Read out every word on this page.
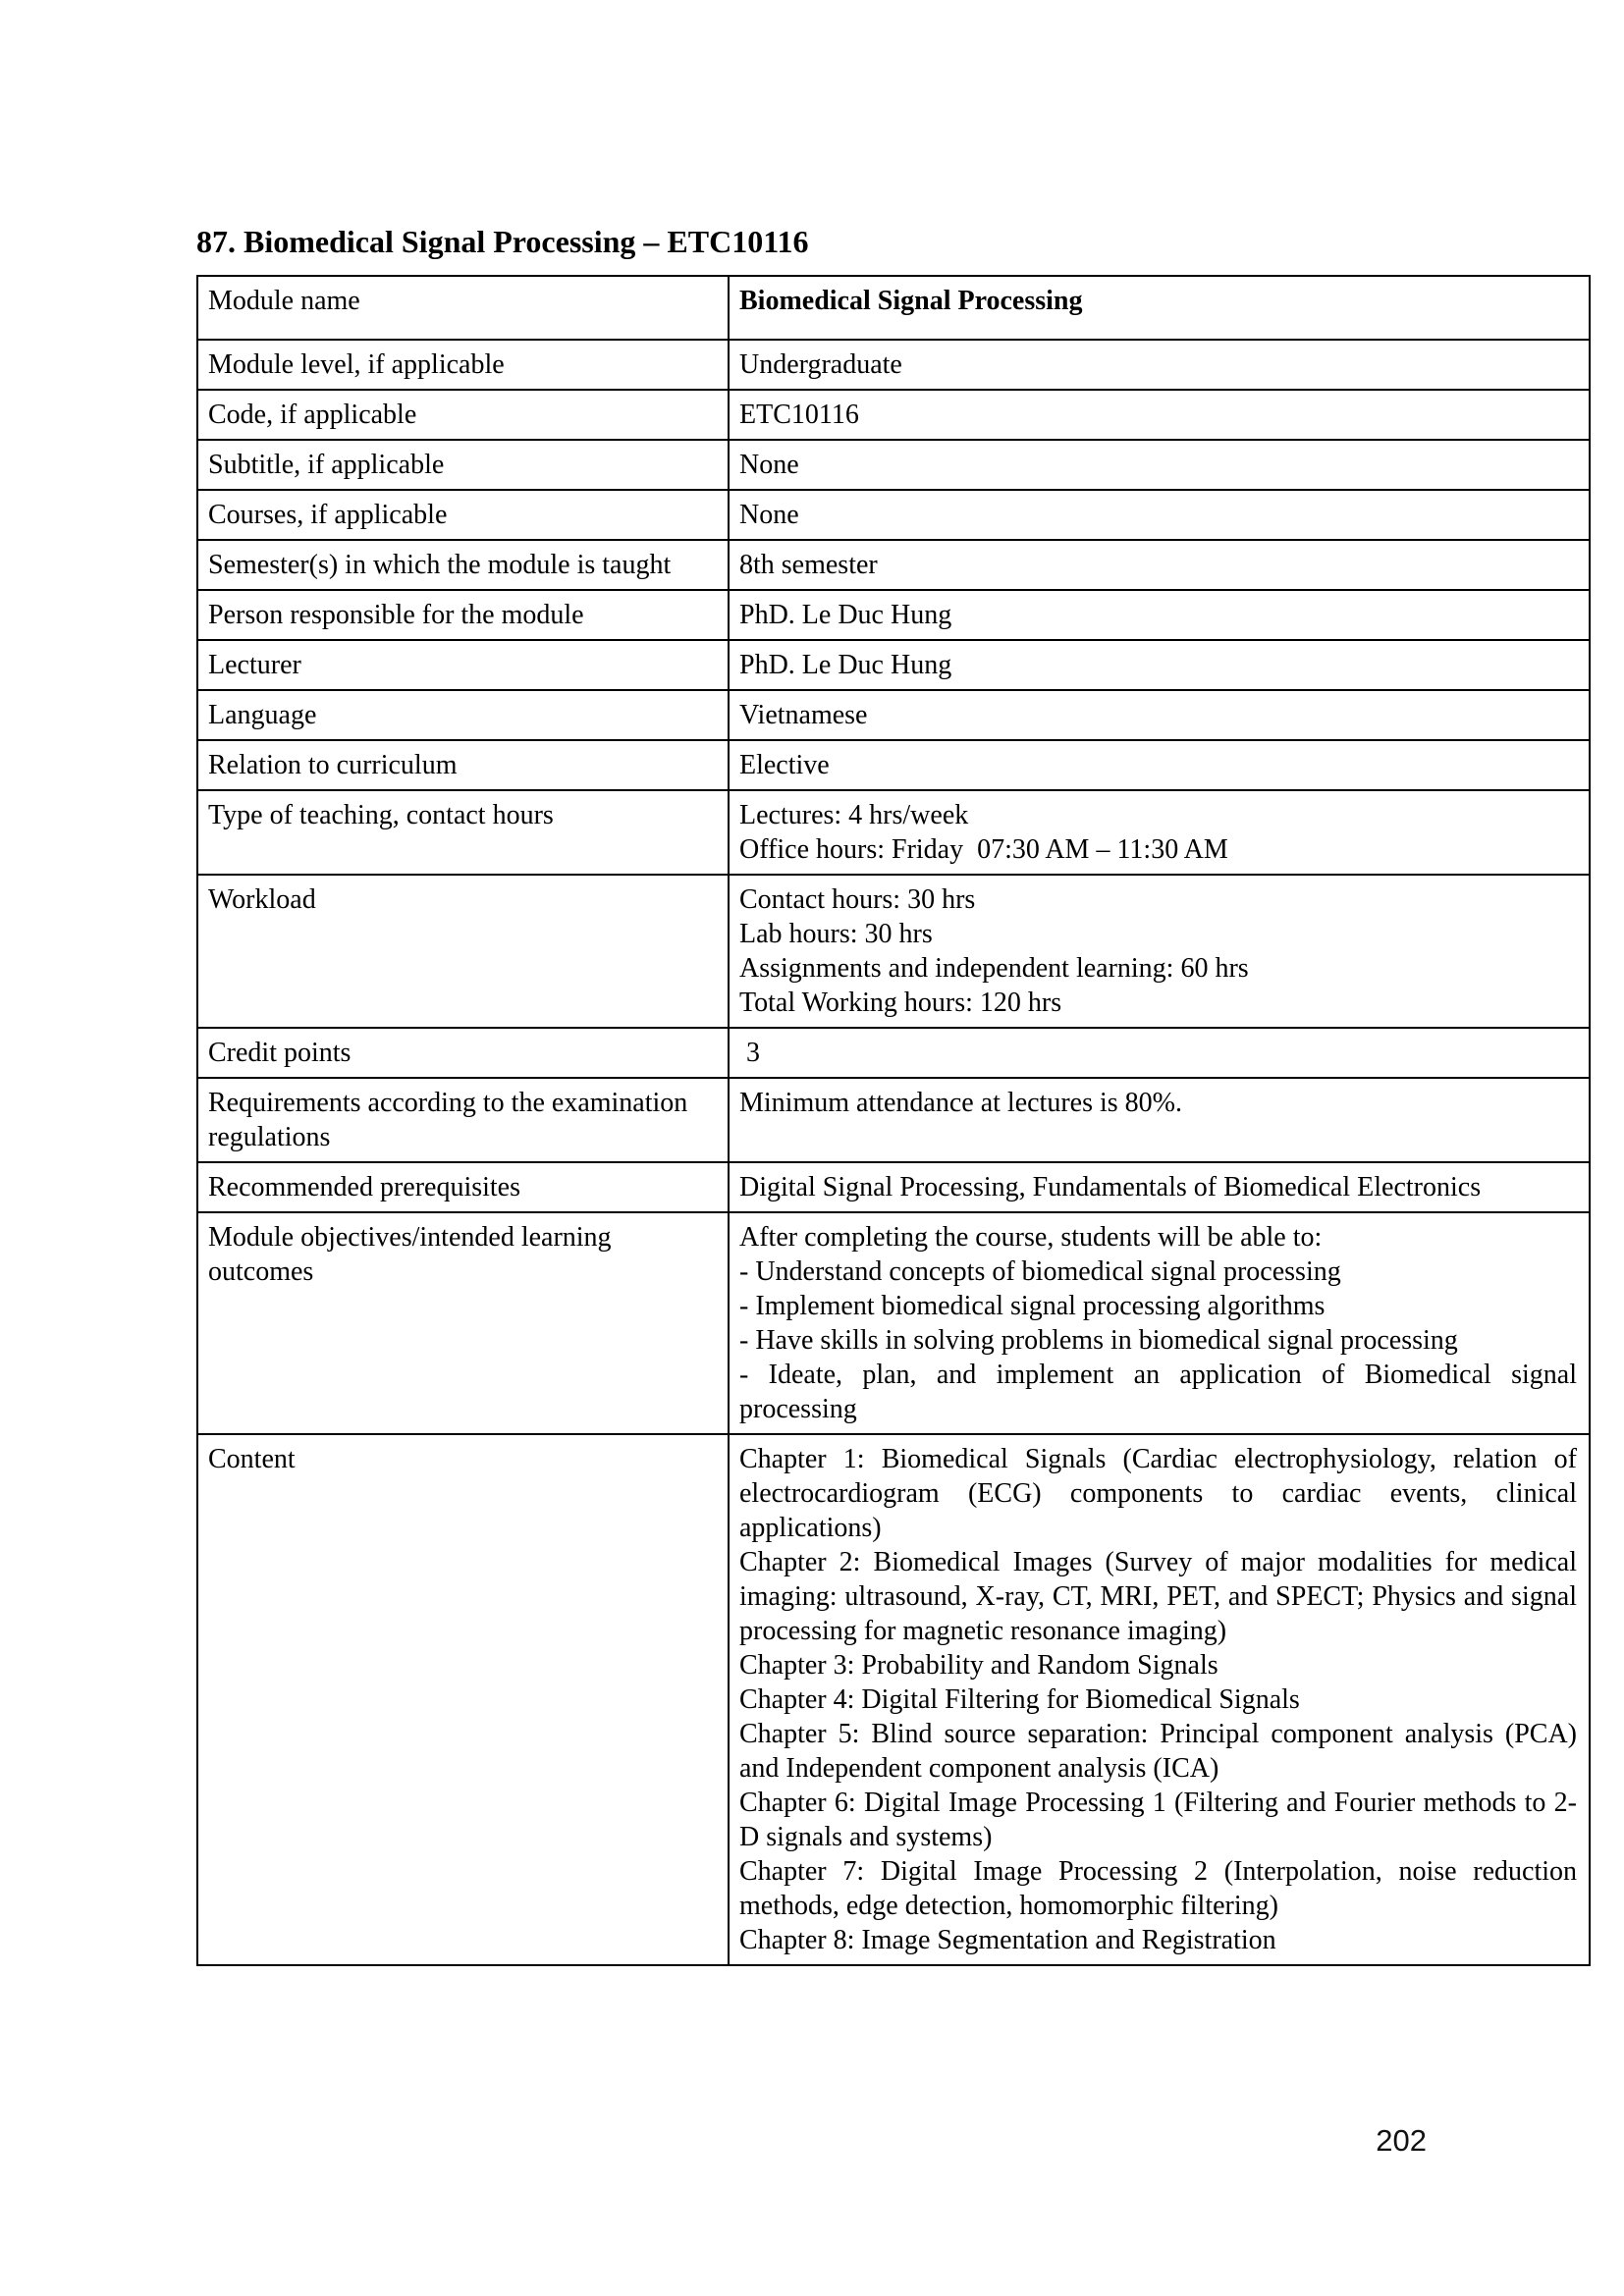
87. Biomedical Signal Processing – ETC10116
Module name	Biomedical Signal Processing

Module level, if applicable	Undergraduate

Code, if applicable	ETC10116

Subtitle, if applicable	None

Courses, if applicable	None

Semester(s) in which the module is taught	8th semester

Person responsible for the module	PhD. Le Duc Hung

Lecturer	PhD. Le Duc Hung

Language	Vietnamese

Relation to curriculum	Elective

Type of teaching, contact hours	Lectures: 4 hrs/week
Office hours: Friday  07:30 AM – 11:30 AM

Workload	Contact hours: 30 hrs
Lab hours: 30 hrs
Assignments and independent learning: 60 hrs
Total Working hours: 120 hrs

Credit points	3

Requirements according to the examination regulations	Minimum attendance at lectures is 80%.

Recommended prerequisites	Digital Signal Processing, Fundamentals of Biomedical Electronics

Module objectives/intended learning outcomes	After completing the course, students will be able to:
- Understand concepts of biomedical signal processing
- Implement biomedical signal processing algorithms
- Have skills in solving problems in biomedical signal processing
- Ideate, plan, and implement an application of Biomedical signal processing

Content	Chapter 1: Biomedical Signals (Cardiac electrophysiology, relation of electrocardiogram (ECG) components to cardiac events, clinical applications)
Chapter 2: Biomedical Images (Survey of major modalities for medical imaging: ultrasound, X-ray, CT, MRI, PET, and SPECT; Physics and signal processing for magnetic resonance imaging)
Chapter 3: Probability and Random Signals
Chapter 4: Digital Filtering for Biomedical Signals
Chapter 5: Blind source separation: Principal component analysis (PCA) and Independent component analysis (ICA)
Chapter 6: Digital Image Processing 1 (Filtering and Fourier methods to 2-D signals and systems)
Chapter 7: Digital Image Processing 2 (Interpolation, noise reduction methods, edge detection, homomorphic filtering)
Chapter 8: Image Segmentation and Registration
202
